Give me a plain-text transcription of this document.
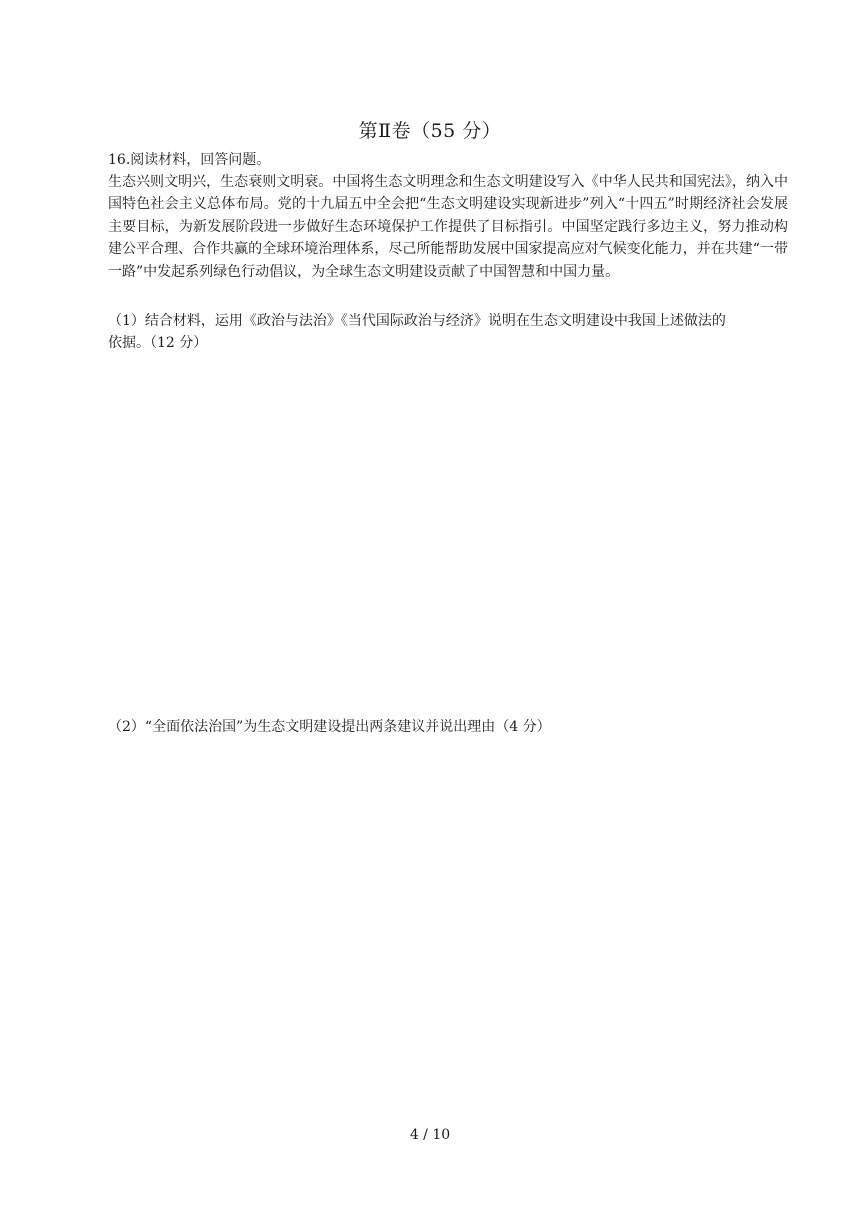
第Ⅱ卷（55 分）
16.阅读材料，回答问题。
生态兴则文明兴，生态衰则文明衰。中国将生态文明理念和生态文明建设写入《中华人民共和国宪法》，纳入中国特色社会主义总体布局。党的十九届五中全会把“生态文明建设实现新进步”列入“十四五”时期经济社会发展主要目标，为新发展阶段进一步做好生态环境保护工作提供了目标指引。中国坚定践行多边主义，努力推动构建公平合理、合作共赢的全球环境治理体系，尽己所能帮助发展中国家提高应对气候变化能力，并在共建“一带一路”中发起系列绿色行动倡议，为全球生态文明建设贡献了中国智慧和中国力量。
（1）结合材料，运用《政治与法治》《当代国际政治与经济》说明在生态文明建设中我国上述做法的
依据。（12 分）
（2）“全面依法治国”为生态文明建设提出两条建议并说出理由（4 分）
4 / 10
